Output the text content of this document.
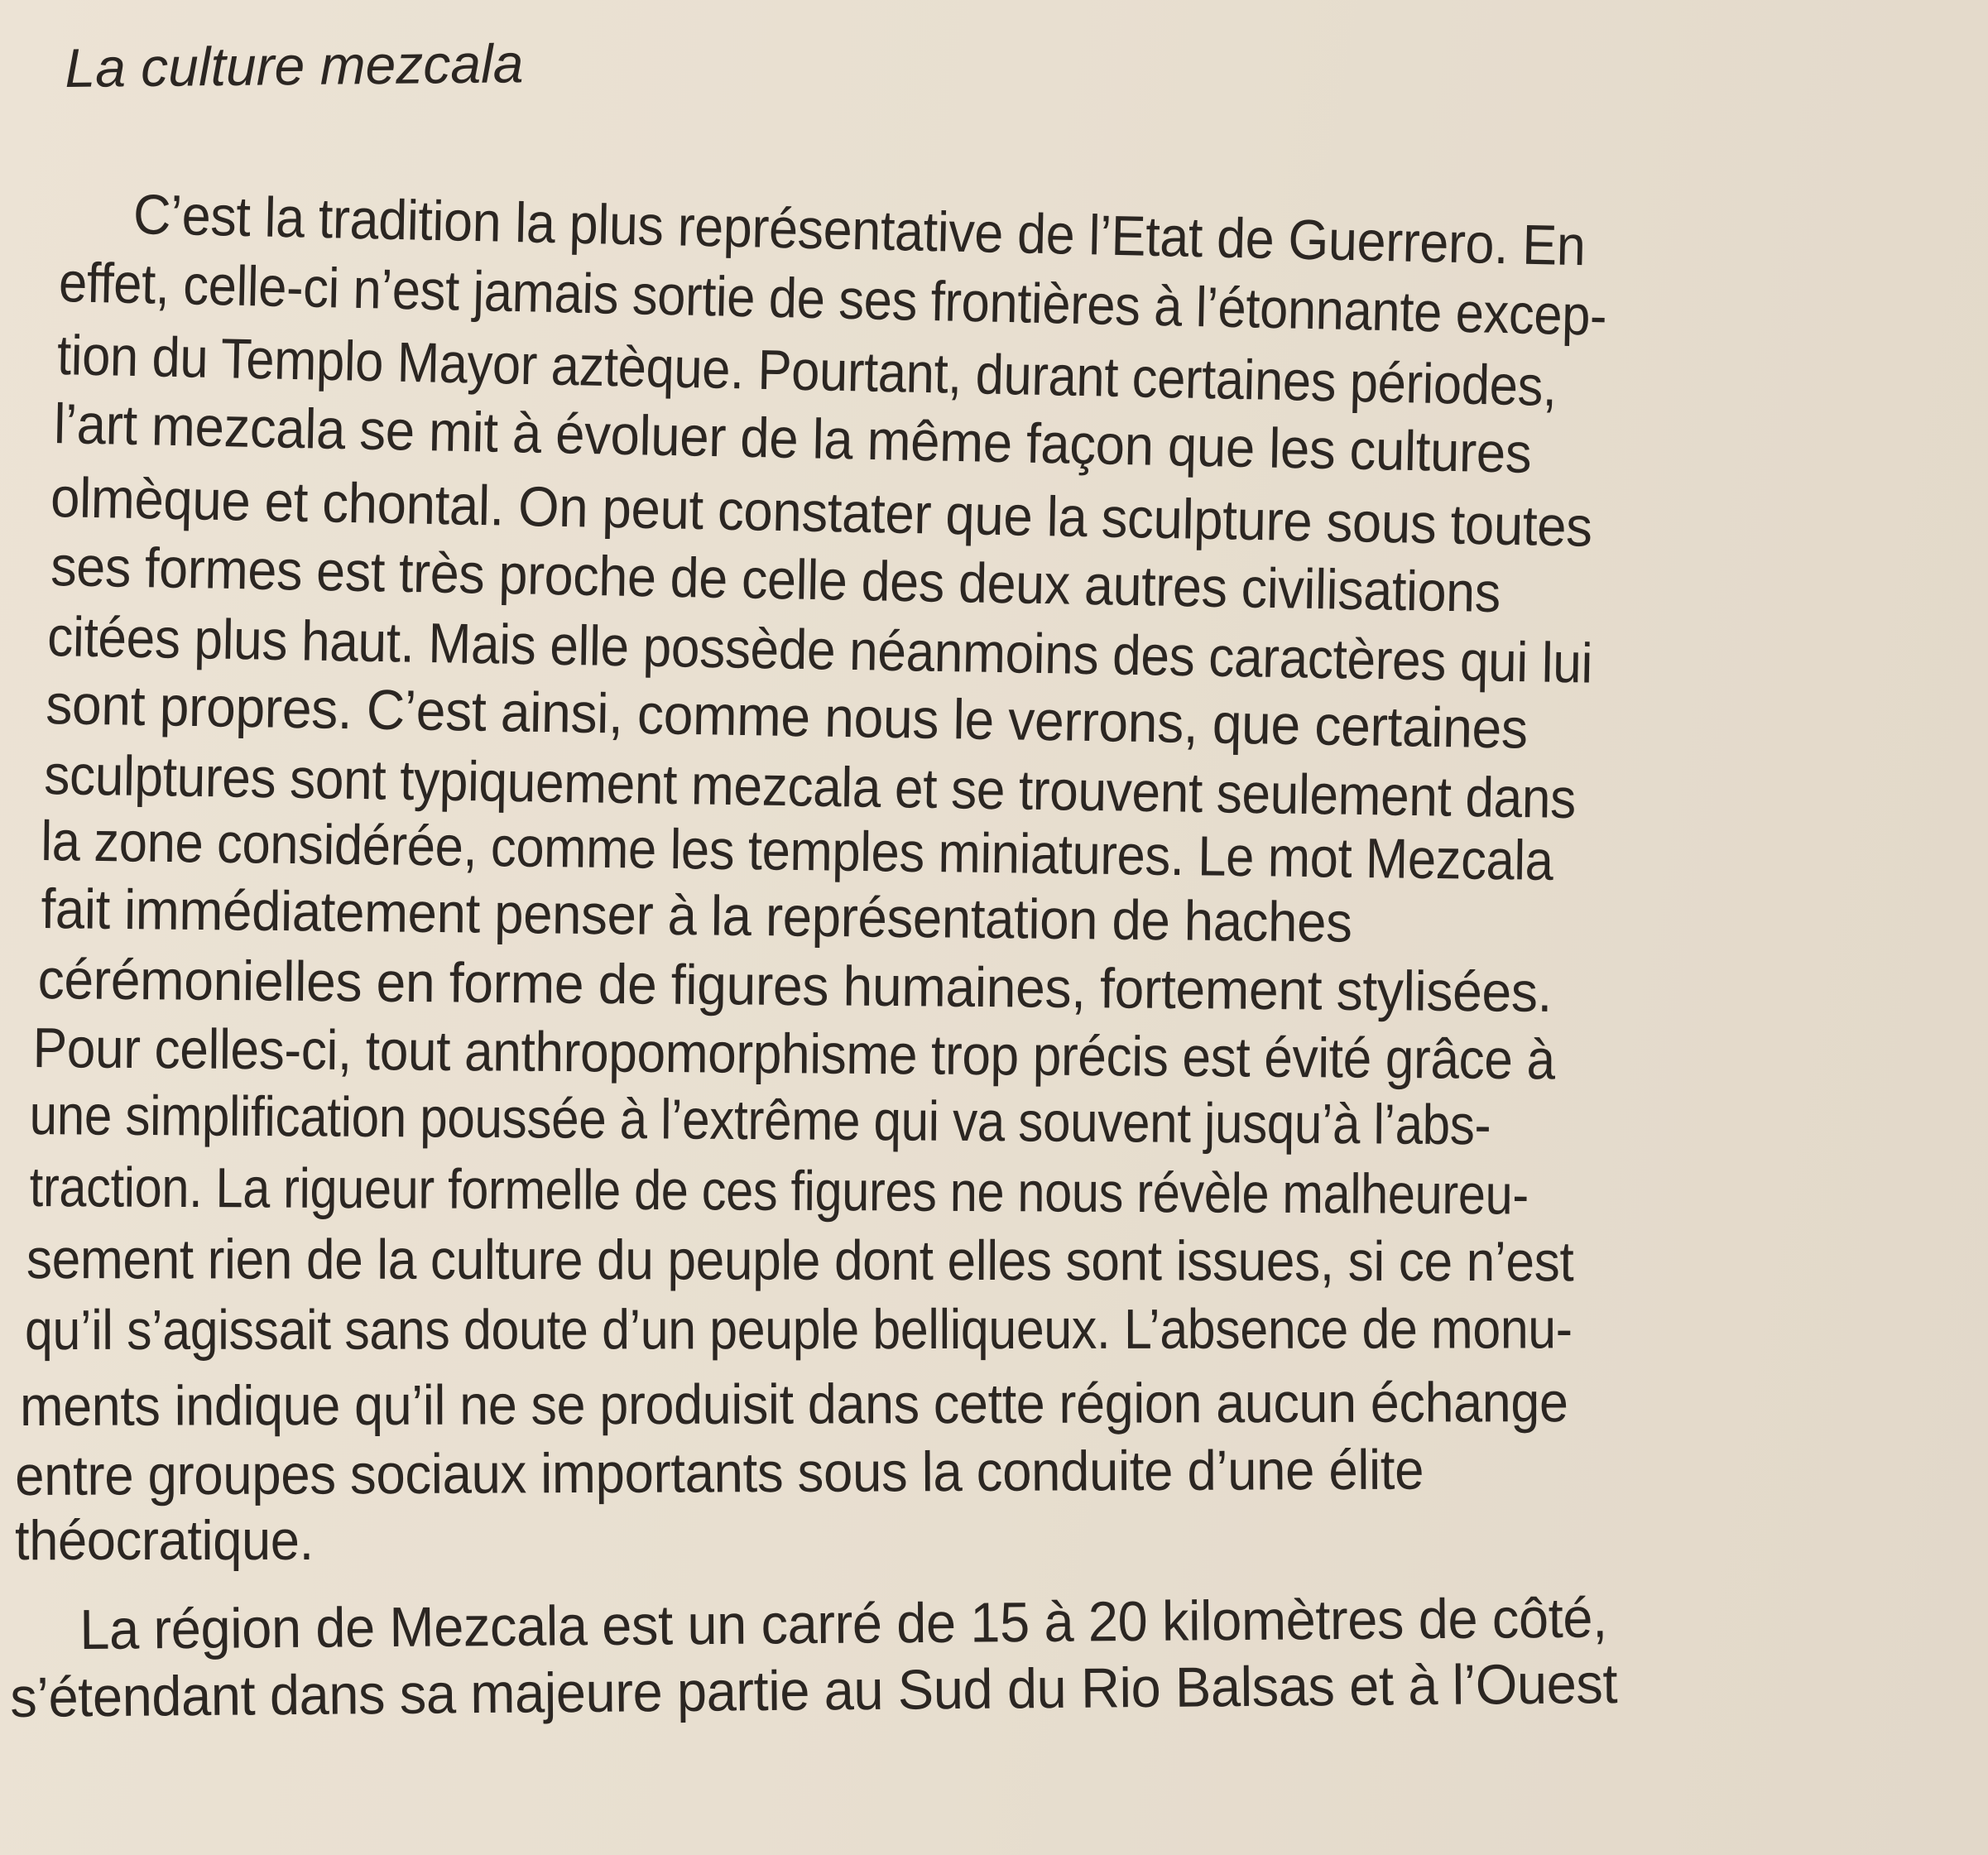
La culture mezcala
C’est la tradition la plus représentative de l’Etat de Guerrero. En
effet, celle-ci n’est jamais sortie de ses frontières à l’étonnante excep-
tion du Templo Mayor aztèque. Pourtant, durant certaines périodes,
l’art mezcala se mit à évoluer de la même façon que les cultures
olmèque et chontal. On peut constater que la sculpture sous toutes
ses formes est très proche de celle des deux autres civilisations
citées plus haut. Mais elle possède néanmoins des caractères qui lui
sont propres. C’est ainsi, comme nous le verrons, que certaines
sculptures sont typiquement mezcala et se trouvent seulement dans
la zone considérée, comme les temples miniatures. Le mot Mezcala
fait immédiatement penser à la représentation de haches
cérémonielles en forme de figures humaines, fortement stylisées.
Pour celles-ci, tout anthropomorphisme trop précis est évité grâce à
une simplification poussée à l’extrême qui va souvent jusqu’à l’abs-
traction. La rigueur formelle de ces figures ne nous révèle malheureu-
sement rien de la culture du peuple dont elles sont issues, si ce n’est
qu’il s’agissait sans doute d’un peuple belliqueux. L’absence de monu-
ments indique qu’il ne se produisit dans cette région aucun échange
entre groupes sociaux importants sous la conduite d’une élite
théocratique.
La région de Mezcala est un carré de 15 à 20 kilomètres de côté,
s’étendant dans sa majeure partie au Sud du Rio Balsas et à l’Ouest
